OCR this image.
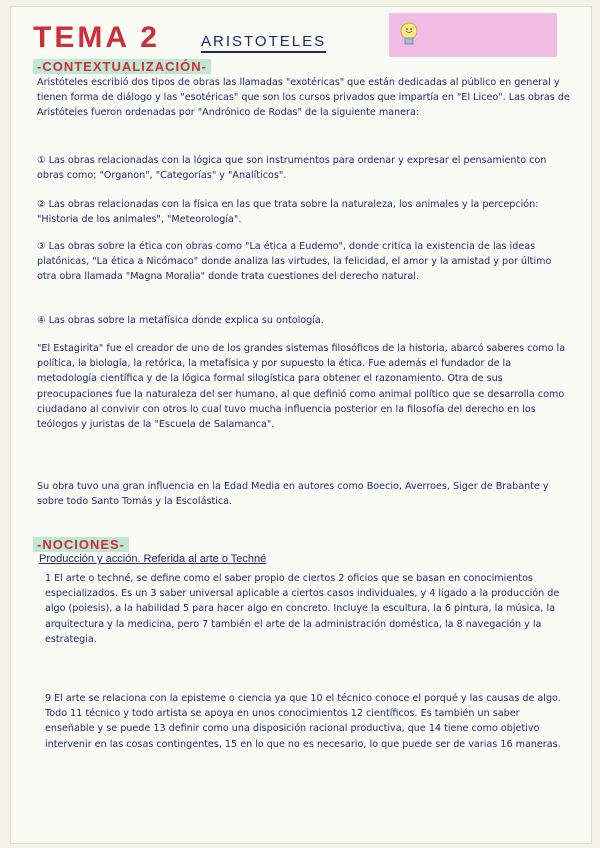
TEMA 2	ARISTOTELES
-CONTEXTUALIZACIÓN-
Aristóteles escribió dos tipos de obras las llamadas "exotéricas" que están dedicadas al público en general y tienen forma de diálogo y las "esotéricas" que son los cursos privados que impartía en "El Liceo". Las obras de Aristóteles fueron ordenadas por "Andrónico de Rodas" de la siguiente manera:
① Las obras relacionadas con la lógica que son instrumentos para ordenar y expresar el pensamiento con obras como; "Organon", "Categorías" y "Analíticos".
② Las obras relacionadas con la física en las que trata sobre la naturaleza, los animales y la percepción: "Historia de los animales", "Meteorología".
③ Las obras sobre la ética con obras como "La ética a Eudemo", donde critica la existencia de las ideas platónicas, "La ética a Nicómaco" donde analiza las virtudes, la felicidad, el amor y la amistad y por último otra obra llamada "Magna Moralia" donde trata cuestiones del derecho natural.
④ Las obras sobre la metafísica donde explica su ontología.
"El Estagirita" fue el creador de uno de los grandes sistemas filosóficos de la historia, abarcó saberes como la política, la biología, la retórica, la metafísica y por supuesto la ética. Fue además el fundador de la metodología científica y de la lógica formal silogística para obtener el razonamiento. Otra de sus preocupaciones fue la naturaleza del ser humano, al que definió como animal político que se desarrolla como ciudadano al convivir con otros lo cual tuvo mucha influencia posterior en la filosofía del derecho en los teólogos y juristas de la "Escuela de Salamanca".
Su obra tuvo una gran influencia en la Edad Media en autores como Boecio, Averroes, Siger de Brabante y sobre todo Santo Tomás y la Escolástica.
-NOCIONES-
Producción y acción. Referida al arte o Techné
1 El arte o techné, se define como el saber propio de ciertos 2 oficios que se basan en conocimientos especializados. Es un 3 saber universal aplicable a ciertos casos individuales, y 4 ligado a la producción de algo (poiesis), a la habilidad 5 para hacer algo en concreto. Incluye la escultura, la 6 pintura, la música, la arquitectura y la medicina, pero 7 también el arte de la administración doméstica, la 8 navegación y la estrategia.
9 El arte se relaciona con la episteme o ciencia ya que 10 el técnico conoce el porqué y las causas de algo. Todo 11 técnico y todo artista se apoya en unos conocimientos 12 científicos. Es también un saber enseñable y se puede 13 definir como una disposición racional productiva, que 14 tiene como objetivo intervenir en las cosas contingentes, 15 en lo que no es necesario, lo que puede ser de varias 16 maneras.
